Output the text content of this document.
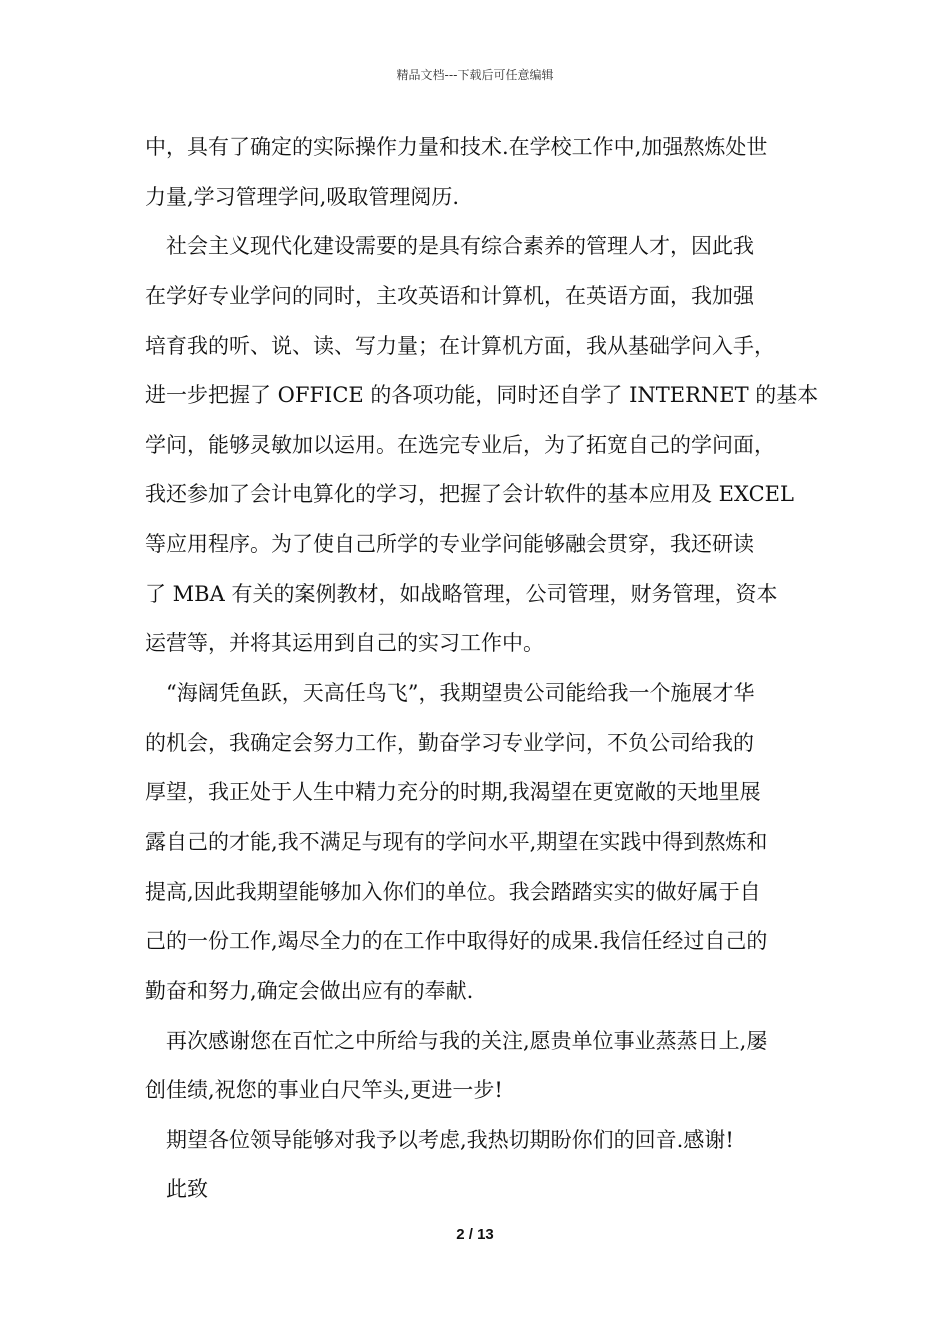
精品文档---下载后可任意编辑
中，具有了确定的实际操作力量和技术.在学校工作中,加强熬炼处世
力量,学习管理学问,吸取管理阅历.
社会主义现代化建设需要的是具有综合素养的管理人才，因此我
在学好专业学问的同时，主攻英语和计算机，在英语方面，我加强
培育我的听、说、读、写力量；在计算机方面，我从基础学问入手，
进一步把握了 OFFICE 的各项功能，同时还自学了 INTERNET 的基本
学问，能够灵敏加以运用。在选完专业后，为了拓宽自己的学问面，
我还参加了会计电算化的学习，把握了会计软件的基本应用及 EXCEL
等应用程序。为了使自己所学的专业学问能够融会贯穿，我还研读
了 MBA 有关的案例教材，如战略管理，公司管理，财务管理，资本
运营等，并将其运用到自己的实习工作中。
“海阔凭鱼跃，天高任鸟飞”，我期望贵公司能给我一个施展才华
的机会，我确定会努力工作，勤奋学习专业学问，不负公司给我的
厚望，我正处于人生中精力充分的时期,我渴望在更宽敞的天地里展
露自己的才能,我不满足与现有的学问水平,期望在实践中得到熬炼和
提高,因此我期望能够加入你们的单位。我会踏踏实实的做好属于自
己的一份工作,竭尽全力的在工作中取得好的成果.我信任经过自己的
勤奋和努力,确定会做出应有的奉献.
再次感谢您在百忙之中所给与我的关注,愿贵单位事业蒸蒸日上,屡
创佳绩,祝您的事业白尺竿头,更进一步!
期望各位领导能够对我予以考虑,我热切期盼你们的回音.感谢!
此致
2 / 13
